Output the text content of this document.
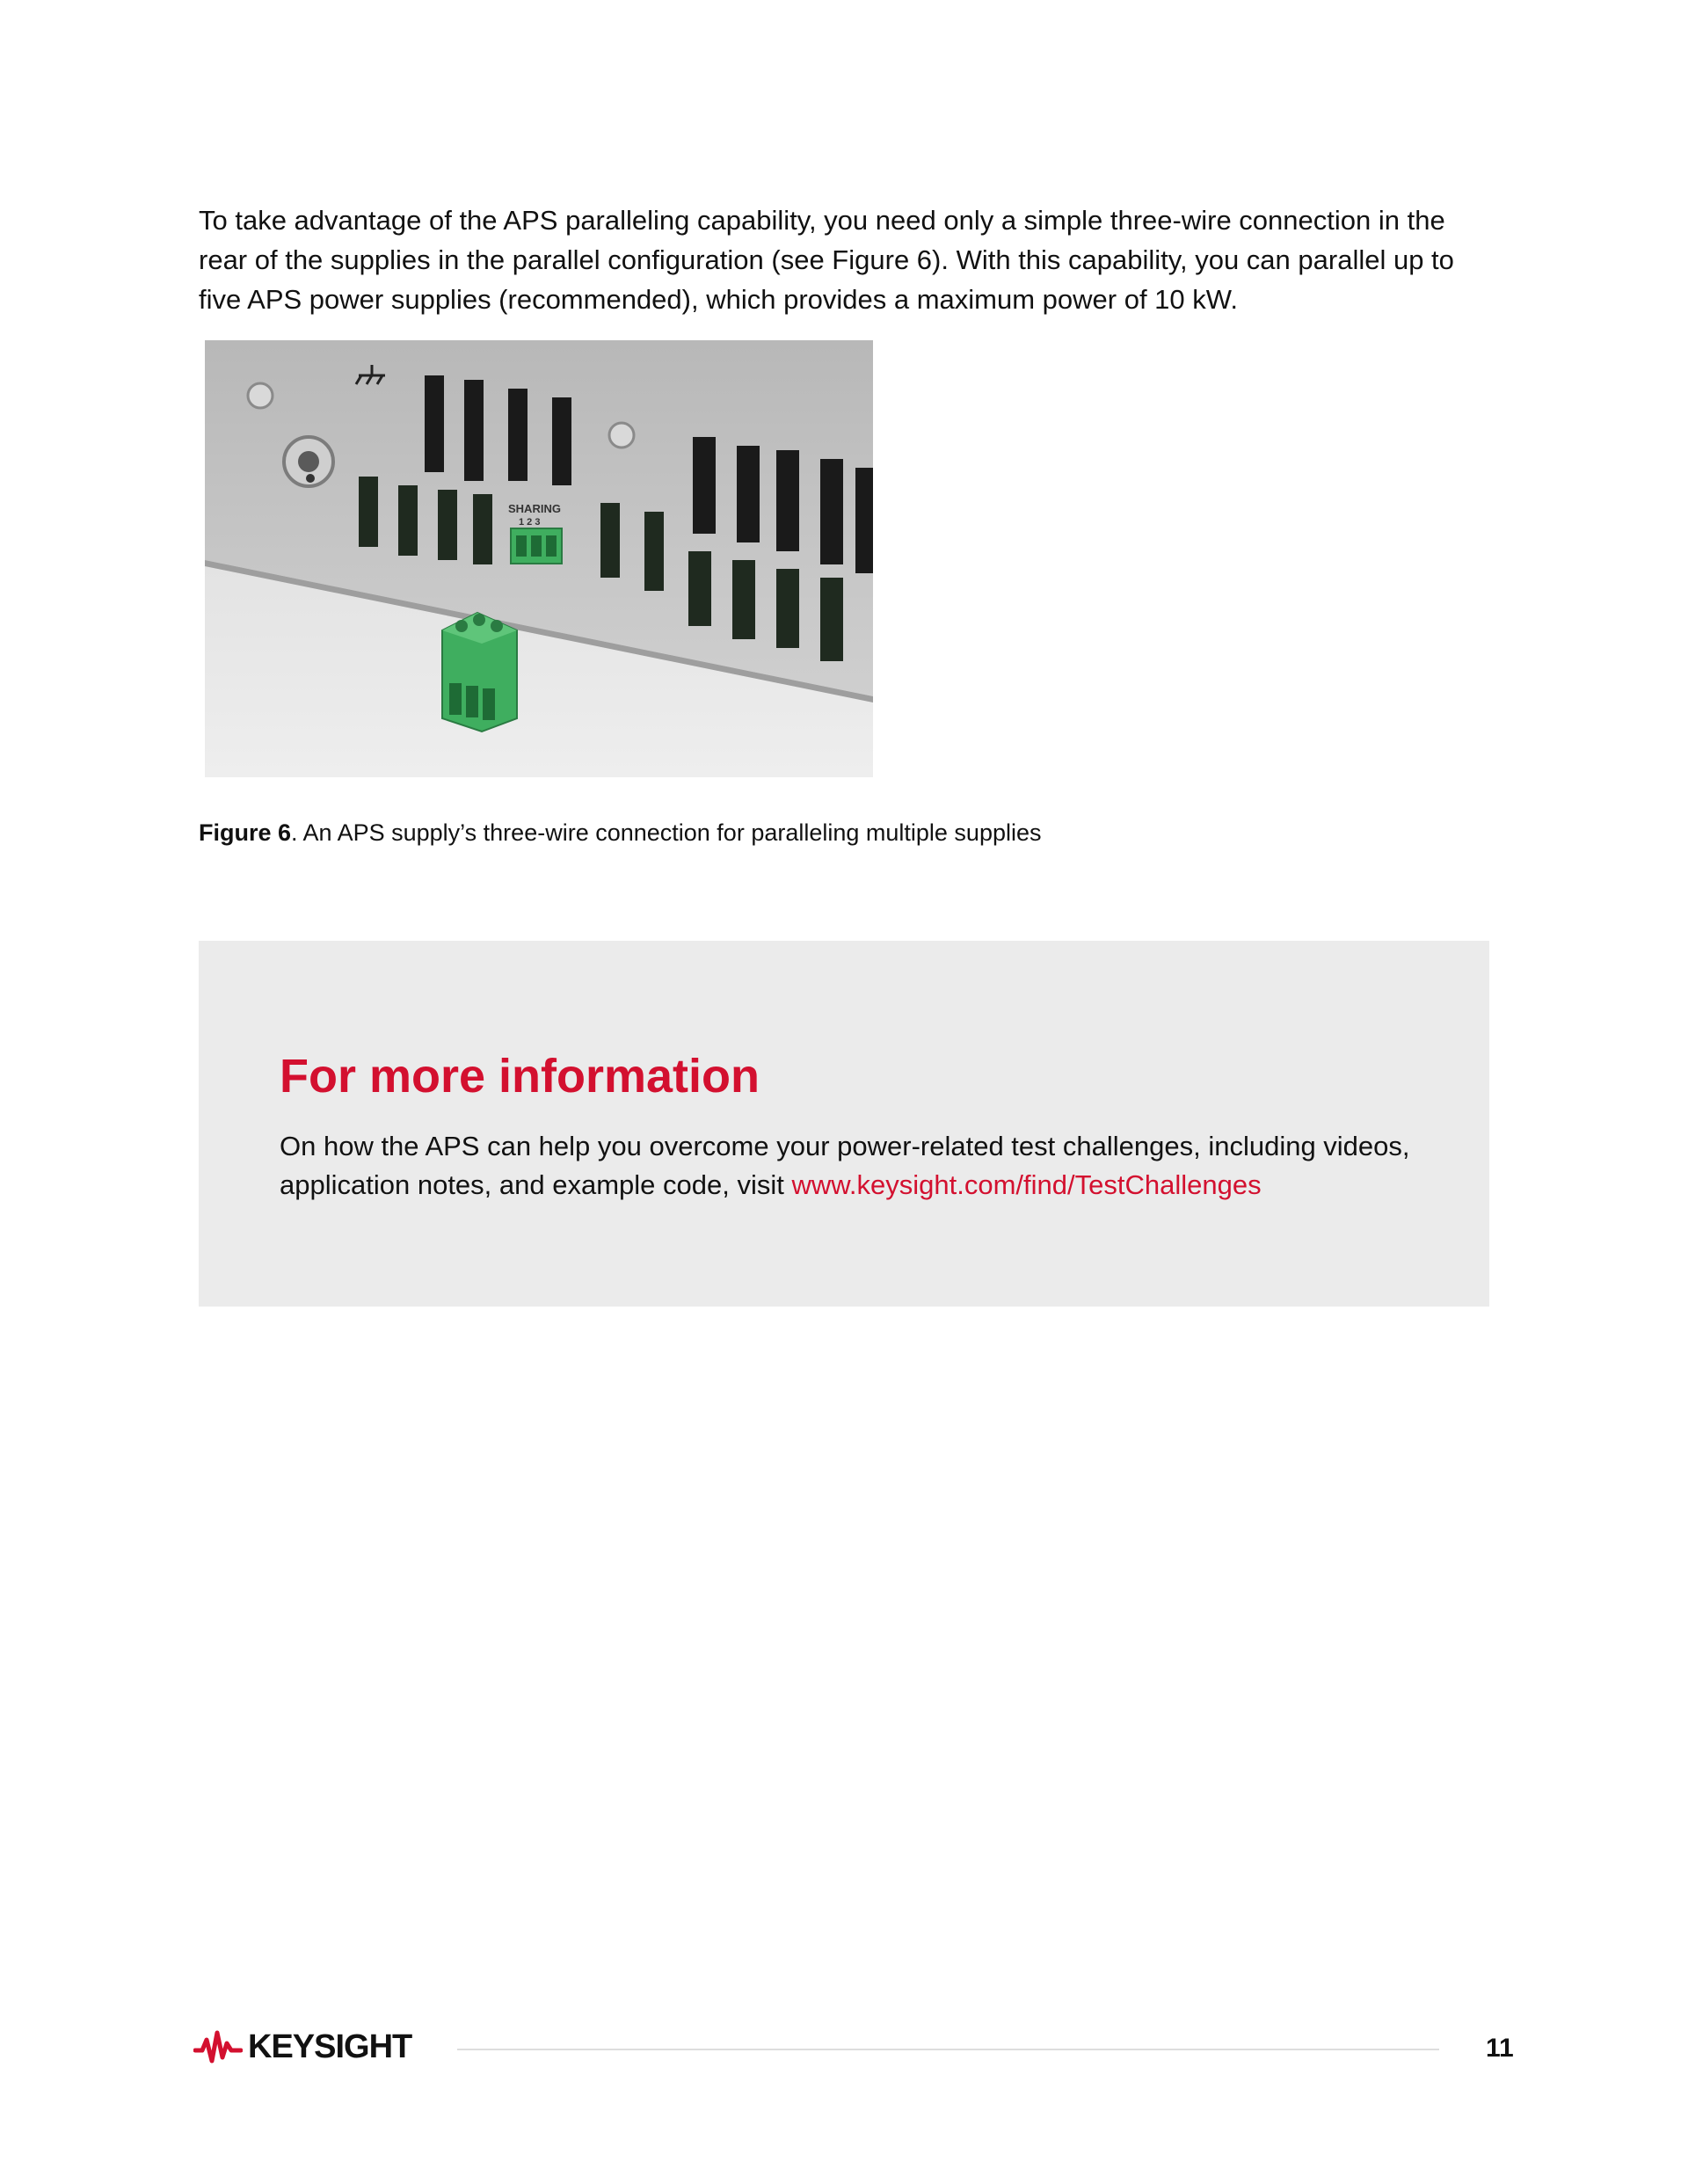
To take advantage of the APS paralleling capability, you need only a simple three-wire connection in the rear of the supplies in the parallel configuration (see Figure 6). With this capability, you can parallel up to five APS power supplies (recommended), which provides a maximum power of 10 kW.

SHARING
1 2 3

Figure 6. An APS supply’s three-wire connection for paralleling multiple supplies

For more information

On how the APS can help you overcome your power-related test challenges, including videos, application notes, and example code, visit www.keysight.com/find/TestChallenges

KEYSIGHT	11
